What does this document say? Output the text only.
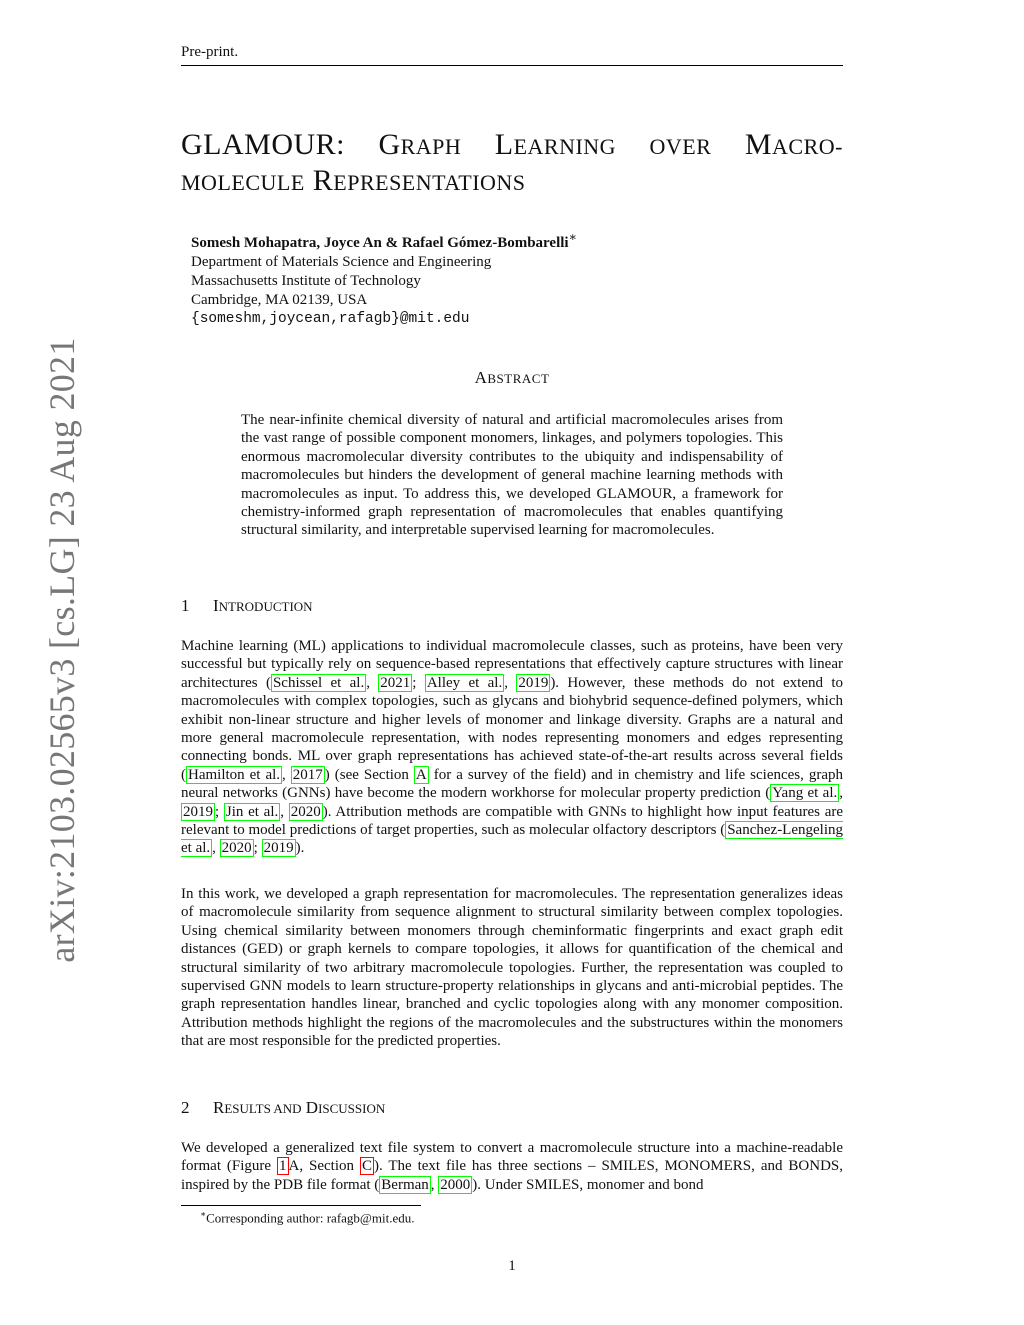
arXiv:2103.02565v3 [cs.LG] 23 Aug 2021
Pre-print.
GLAMOUR: GRAPH LEARNING OVER MACRO-
MOLECULE REPRESENTATIONS
Somesh Mohapatra, Joyce An & Rafael Gómez-Bombarelli∗
Department of Materials Science and Engineering
Massachusetts Institute of Technology
Cambridge, MA 02139, USA
{someshm,joycean,rafagb}@mit.edu
ABSTRACT
The near-infinite chemical diversity of natural and artificial macromolecules arises from the vast range of possible component monomers, linkages, and polymers topologies. This enormous macromolecular diversity contributes to the ubiquity and indispensability of macromolecules but hinders the development of general machine learning methods with macromolecules as input. To address this, we developed GLAMOUR, a framework for chemistry-informed graph representation of macromolecules that enables quantifying structural similarity, and interpretable supervised learning for macromolecules.
1 INTRODUCTION
Machine learning (ML) applications to individual macromolecule classes, such as proteins, have been very successful but typically rely on sequence-based representations that effectively capture structures with linear architectures ( Schissel et al. , 2021 ; Alley et al. , 2019 ). However, these methods do not extend to macromolecules with complex topologies, such as glycans and biohybrid sequence-defined polymers, which exhibit non-linear structure and higher levels of monomer and linkage diversity. Graphs are a natural and more general macromolecule representation, with nodes representing monomers and edges representing connecting bonds. ML over graph representations has achieved state-of-the-art results across several fields ( Hamilton et al. , 2017 ) (see Section A for a survey of the field) and in chemistry and life sciences, graph neural networks (GNNs) have become the modern workhorse for molecular property prediction ( Yang et al. , 2019 ; Jin et al. , 2020 ). Attribution methods are compatible with GNNs to highlight how input features are relevant to model predictions of target properties, such as molecular olfactory descriptors ( Sanchez-Lengeling et al. , 2020 ; 2019 ).
In this work, we developed a graph representation for macromolecules. The representation generalizes ideas of macromolecule similarity from sequence alignment to structural similarity between complex topologies. Using chemical similarity between monomers through cheminformatic fingerprints and exact graph edit distances (GED) or graph kernels to compare topologies, it allows for quantification of the chemical and structural similarity of two arbitrary macromolecule topologies. Further, the representation was coupled to supervised GNN models to learn structure-property relationships in glycans and anti-microbial peptides. The graph representation handles linear, branched and cyclic topologies along with any monomer composition. Attribution methods highlight the regions of the macromolecules and the substructures within the monomers that are most responsible for the predicted properties.
2 RESULTS AND DISCUSSION
We developed a generalized text file system to convert a macromolecule structure into a machine-readable format (Figure 1 A, Section C ). The text file has three sections – SMILES, MONOMERS, and BONDS, inspired by the PDB file format ( Berman , 2000 ). Under SMILES, monomer and bond
∗Corresponding author: rafagb@mit.edu.
1
